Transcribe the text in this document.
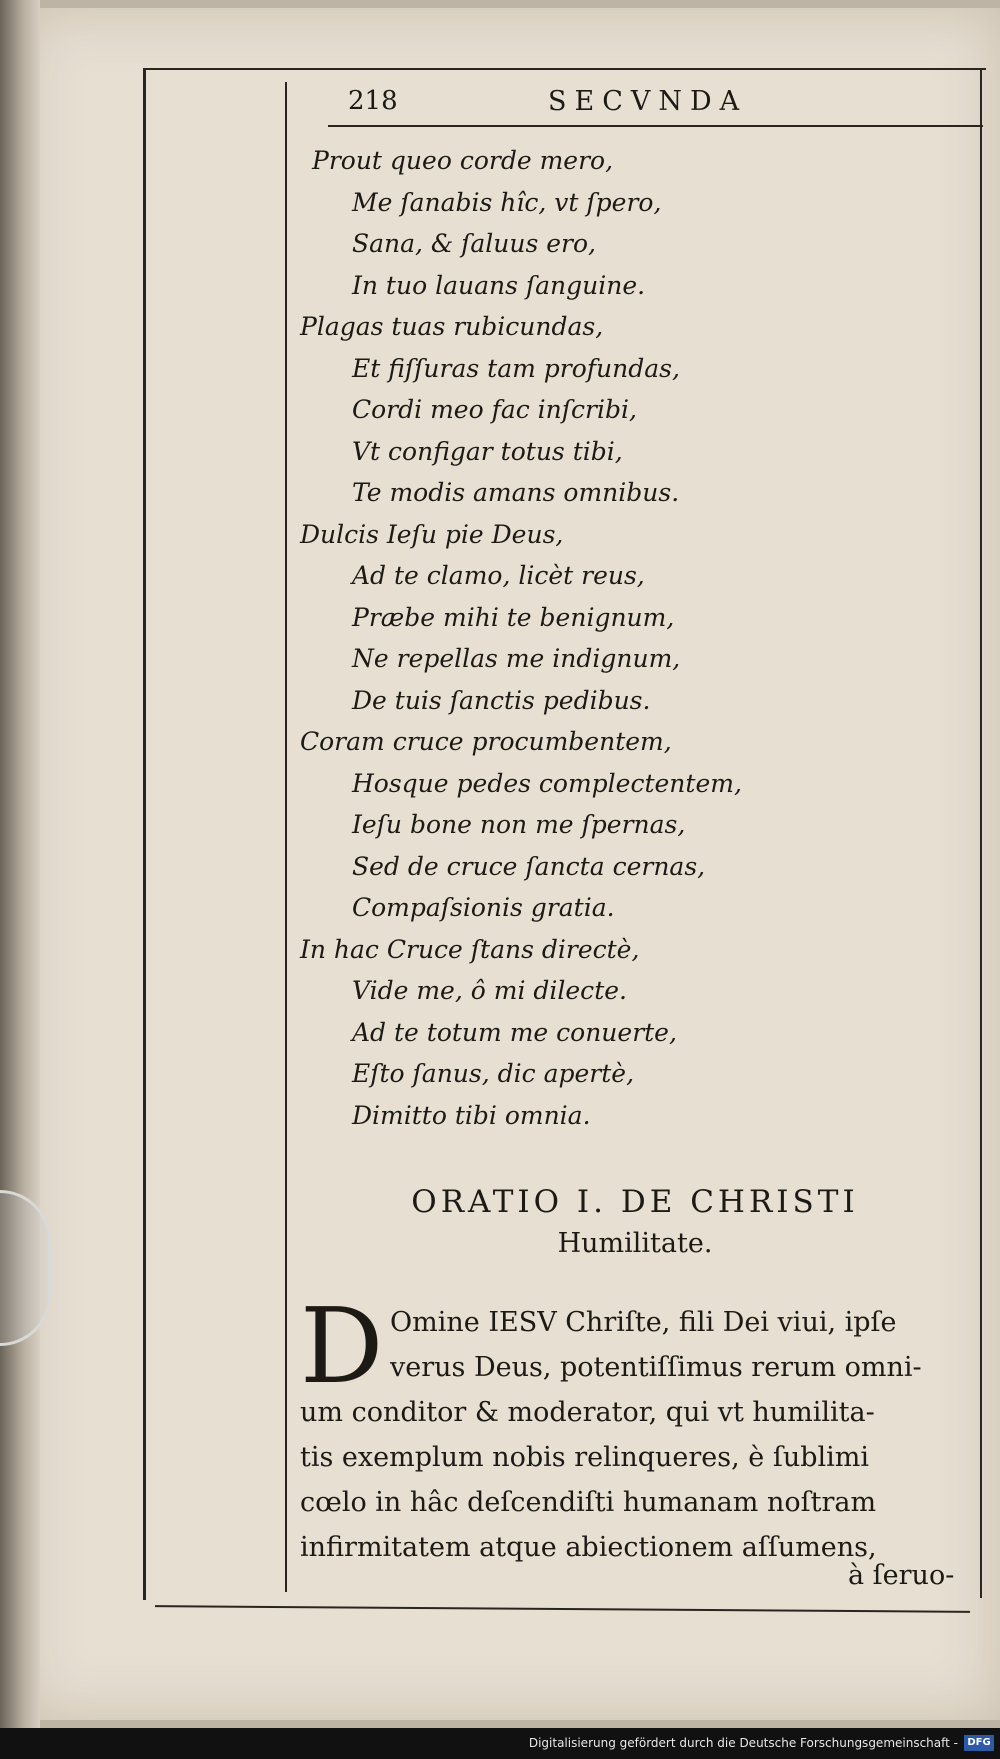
218	SECVNDA
Prout queo corde mero,
Me ſanabis hîc, vt ſpero,
Sana, & ſaluus ero,
In tuo lauans ſanguine.
Plagas tuas rubicundas,
Et fiſſuras tam profundas,
Cordi meo fac inſcribi,
Vt configar totus tibi,
Te modis amans omnibus.
Dulcis Ieſu pie Deus,
Ad te clamo, licèt reus,
Præbe mihi te benignum,
Ne repellas me indignum,
De tuis ſanctis pedibus.
Coram cruce procumbentem,
Hosque pedes complectentem,
Ieſu bone non me ſpernas,
Sed de cruce ſancta cernas,
Compaſsionis gratia.
In hac Cruce ſtans directè,
Vide me, ô mi dilecte.
Ad te totum me conuerte,
Eſto ſanus, dic apertè,
Dimitto tibi omnia.
ORATIO I. DE CHRISTI
Humilitate.
D Omine IESV Chriſte, fili Dei viui, ipſe
verus Deus, potentiſſimus rerum omni-
um conditor & moderator, qui vt humilita-
tis exemplum nobis relinqueres, è ſublimi
cœlo in hâc deſcendiſti humanam noſtram
infirmitatem atque abiectionem aſſumens,
à ſeruo-
Digitalisierung gefördert durch die Deutsche Forschungsgemeinschaft - DFG
